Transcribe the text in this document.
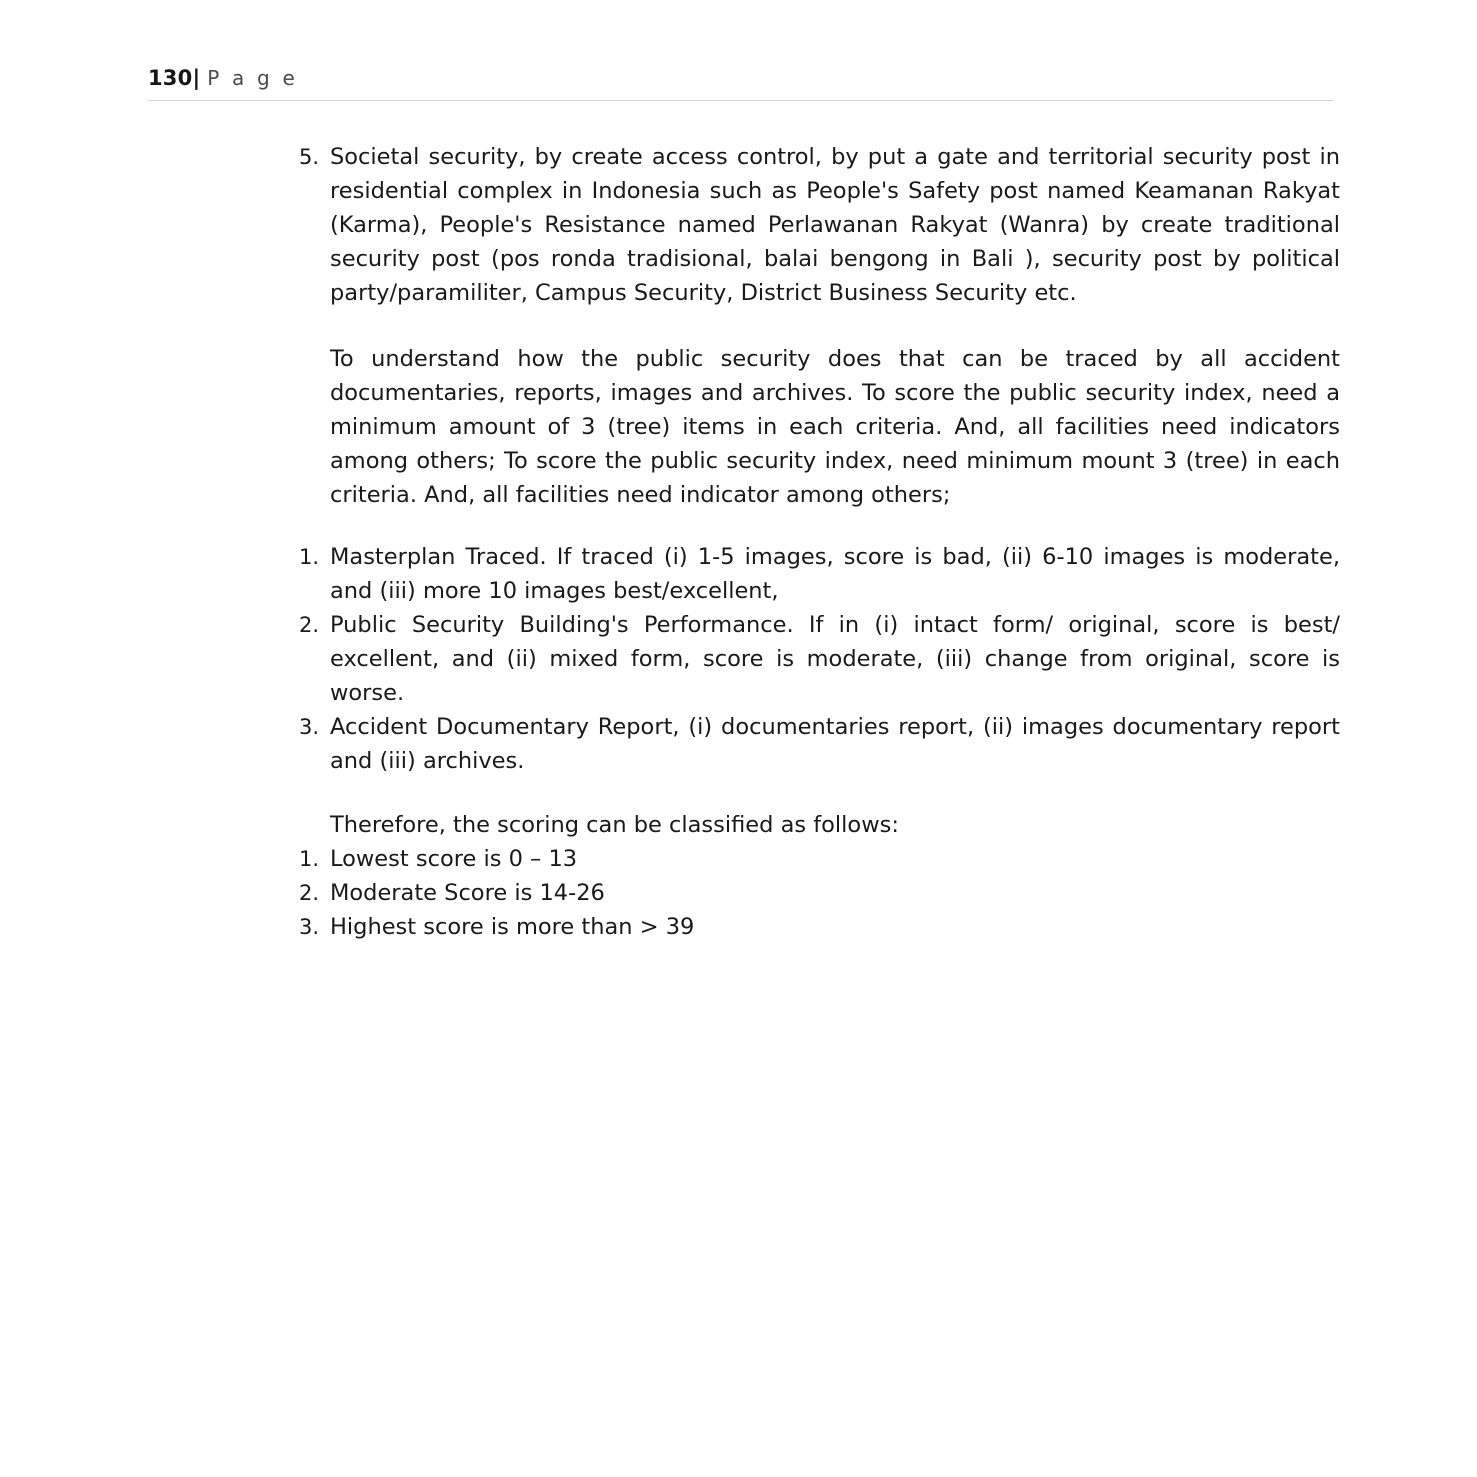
130| P a g e
5. Societal security, by create access control, by put a gate and territorial security post in residential complex in Indonesia such as People's Safety post named Keamanan Rakyat (Karma), People's Resistance named Perlawanan Rakyat (Wanra) by create traditional security post (pos ronda tradisional, balai bengong in Bali ), security post by political party/paramiliter, Campus Security, District Business Security etc.
To understand how the public security does that can be traced by all accident documentaries, reports, images and archives. To score the public security index, need a minimum amount of 3 (tree) items in each criteria. And, all facilities need indicators among others; To score the public security index, need minimum mount 3 (tree) in each criteria. And, all facilities need indicator among others;
1. Masterplan Traced. If traced (i) 1-5 images, score is bad, (ii) 6-10 images is moderate, and (iii) more 10 images best/excellent,
2. Public Security Building's Performance. If in (i) intact form/ original, score is best/ excellent, and (ii) mixed form, score is moderate, (iii) change from original, score is worse.
3. Accident Documentary Report, (i) documentaries report, (ii) images documentary report and (iii) archives.
Therefore, the scoring can be classified as follows:
1. Lowest score is 0 – 13
2. Moderate Score is 14-26
3. Highest score is more than > 39
